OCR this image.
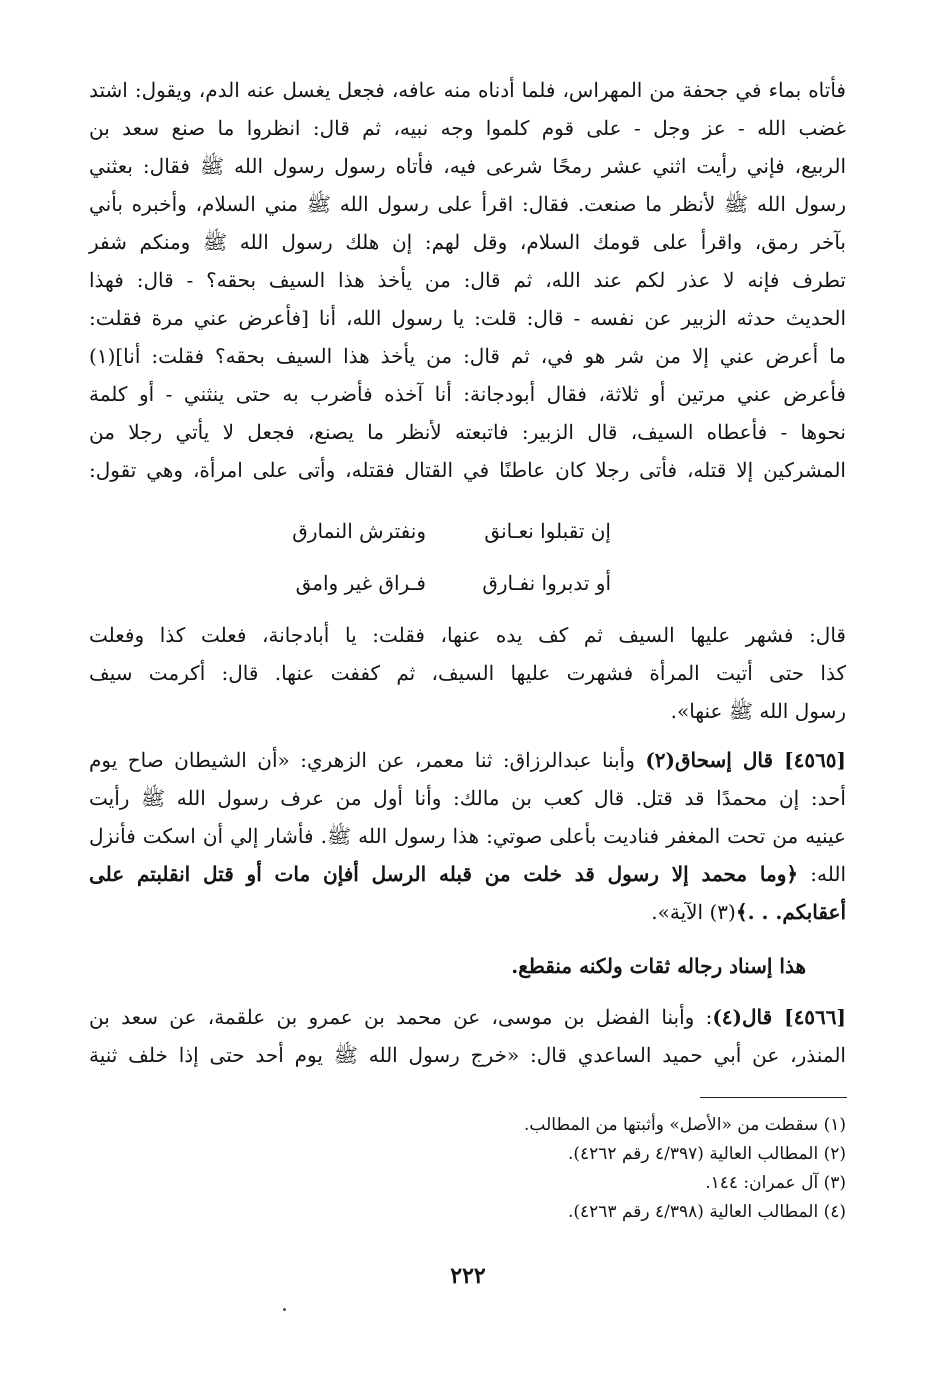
فأتاه بماء في جحفة من المهراس، فلما أدناه منه عافه، فجعل يغسل عنه الدم، ويقول: اشتد
غضب الله - عز وجل - على قوم كلموا وجه نبيه، ثم قال: انظروا ما صنع سعد بن
الربيع، فإني رأيت اثني عشر رمحًا شرعى فيه، فأتاه رسول رسول الله ﷺ فقال: بعثني
رسول الله ﷺ لأنظر ما صنعت. فقال: اقرأ على رسول الله ﷺ مني السلام، وأخبره بأني
بآخر رمق، واقرأ على قومك السلام، وقل لهم: إن هلك رسول الله ﷺ ومنكم شفر
تطرف فإنه لا عذر لكم عند الله، ثم قال: من يأخذ هذا السيف بحقه؟ - قال: فهذا
الحديث حدثه الزبير عن نفسه - قال: قلت: يا رسول الله، أنا [فأعرض عني مرة فقلت:
ما أعرض عني إلا من شر هو في، ثم قال: من يأخذ هذا السيف بحقه؟ فقلت: أنا](١)
فأعرض عني مرتين أو ثلاثة، فقال أبودجانة: أنا آخذه فأضرب به حتى ينثني - أو كلمة
نحوها - فأعطاه السيف، قال الزبير: فاتبعته لأنظر ما يصنع، فجعل لا يأتي رجلا من
المشركين إلا قتله، فأتى رجلا كان عاطنًا في القتال فقتله، وأتى على امرأة، وهي تقول:
إن تقبلوا نعـانق
ونفترش النمارق
أو تدبروا نفـارق
فـراق غير وامق
قال: فشهر عليها السيف ثم كف يده عنها، فقلت: يا أبادجانة، فعلت كذا وفعلت
كذا حتى أتيت المرأة فشهرت عليها السيف، ثم كففت عنها. قال: أكرمت سيف
رسول الله ﷺ عنها».
[٤٥٦٥] قال إسحاق(٢) وأبنا عبدالرزاق: ثنا معمر، عن الزهري: «أن الشيطان صاح يوم
أحد: إن محمدًا قد قتل. قال كعب بن مالك: وأنا أول من عرف رسول الله ﷺ رأيت
عينيه من تحت المغفر فناديت بأعلى صوتي: هذا رسول الله ﷺ. فأشار إلي أن اسكت فأنزل
الله: ﴿وما محمد إلا رسول قد خلت من قبله الرسل أفإن مات أو قتل انقلبتم على
أعقابكم. . .﴾(٣) الآية».
هذا إسناد رجاله ثقات ولكنه منقطع.
[٤٥٦٦] قال(٤): وأبنا الفضل بن موسى، عن محمد بن عمرو بن علقمة، عن سعد بن
المنذر، عن أبي حميد الساعدي قال: «خرج رسول الله ﷺ يوم أحد حتى إذا خلف ثنية
(١) سقطت من «الأصل» وأثبتها من المطالب.
(٢) المطالب العالية (٤/٣٩٧ رقم ٤٢٦٢).
(٣) آل عمران: ١٤٤.
(٤) المطالب العالية (٤/٣٩٨ رقم ٤٢٦٣).
٢٢٢
